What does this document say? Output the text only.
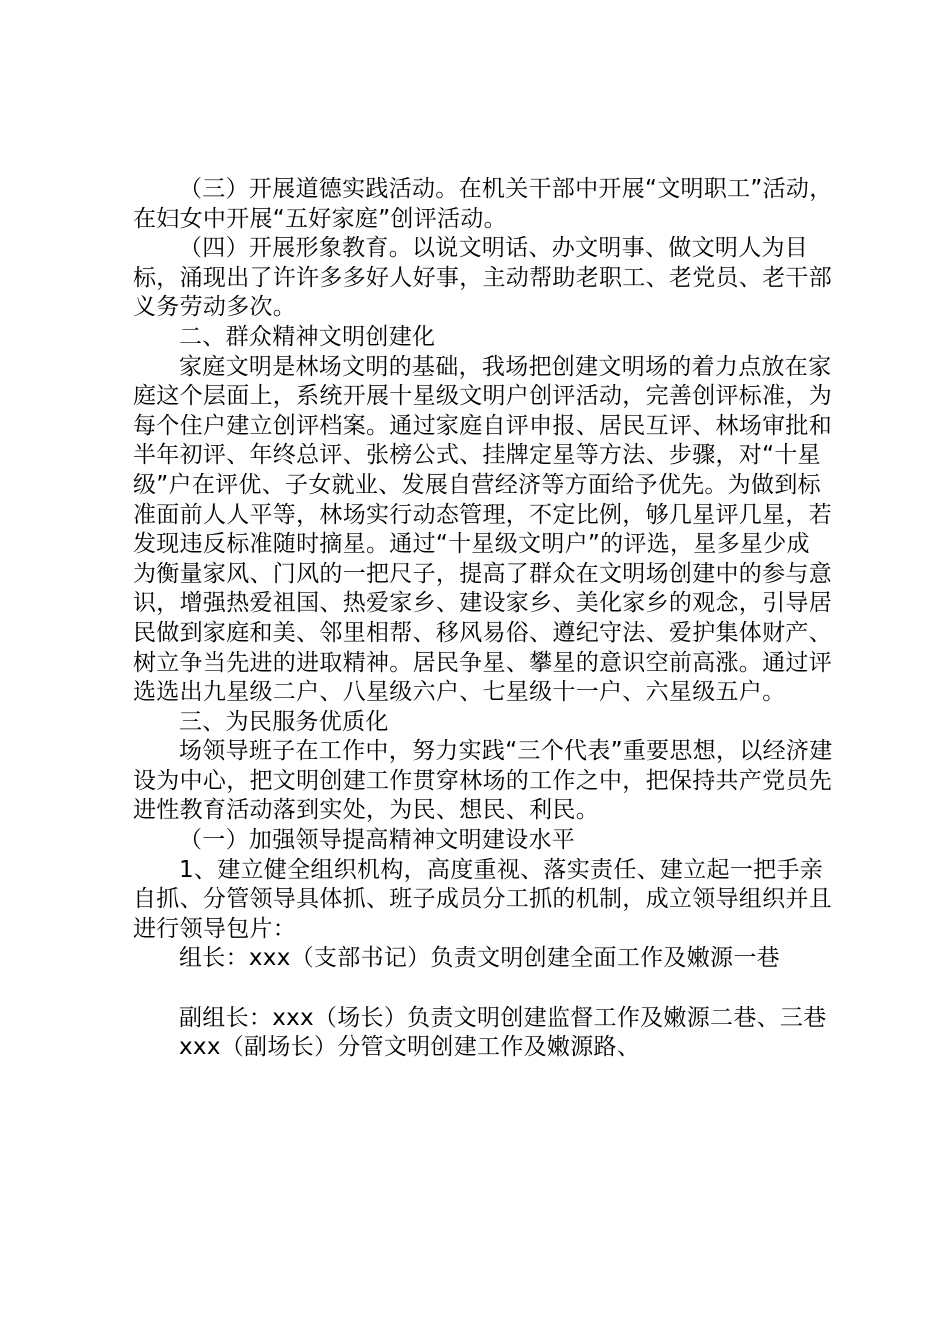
（三）开展道德实践活动。在机关干部中开展“文明职工”活动，在妇女中开展“五好家庭”创评活动。

（四）开展形象教育。以说文明话、办文明事、做文明人为目标，涌现出了许许多多好人好事，主动帮助老职工、老党员、老干部义务劳动多次。

二、群众精神文明创建化

家庭文明是林场文明的基础，我场把创建文明场的着力点放在家庭这个层面上，系统开展十星级文明户创评活动，完善创评标准，为每个住户建立创评档案。通过家庭自评申报、居民互评、林场审批和半年初评、年终总评、张榜公式、挂牌定星等方法、步骤，对“十星级”户在评优、子女就业、发展自营经济等方面给予优先。为做到标准面前人人平等，林场实行动态管理，不定比例，够几星评几星，若发现违反标准随时摘星。通过“十星级文明户”的评选，星多星少成为衡量家风、门风的一把尺子，提高了群众在文明场创建中的参与意识，增强热爱祖国、热爱家乡、建设家乡、美化家乡的观念，引导居民做到家庭和美、邻里相帮、移风易俗、遵纪守法、爱护集体财产、树立争当先进的进取精神。居民争星、攀星的意识空前高涨。通过评选选出九星级二户、八星级六户、七星级十一户、六星级五户。

三、为民服务优质化

场领导班子在工作中，努力实践“三个代表”重要思想，以经济建设为中心，把文明创建工作贯穿林场的工作之中，把保持共产党员先进性教育活动落到实处，为民、想民、利民。

（一）加强领导提高精神文明建设水平

1、建立健全组织机构，高度重视、落实责任、建立起一把手亲自抓、分管领导具体抓、班子成员分工抓的机制，成立领导组织并且进行领导包片：

组长：xxx（支部书记）负责文明创建全面工作及嫩源一巷

副组长：xxx（场长）负责文明创建监督工作及嫩源二巷、三巷

xxx（副场长）分管文明创建工作及嫩源路、
